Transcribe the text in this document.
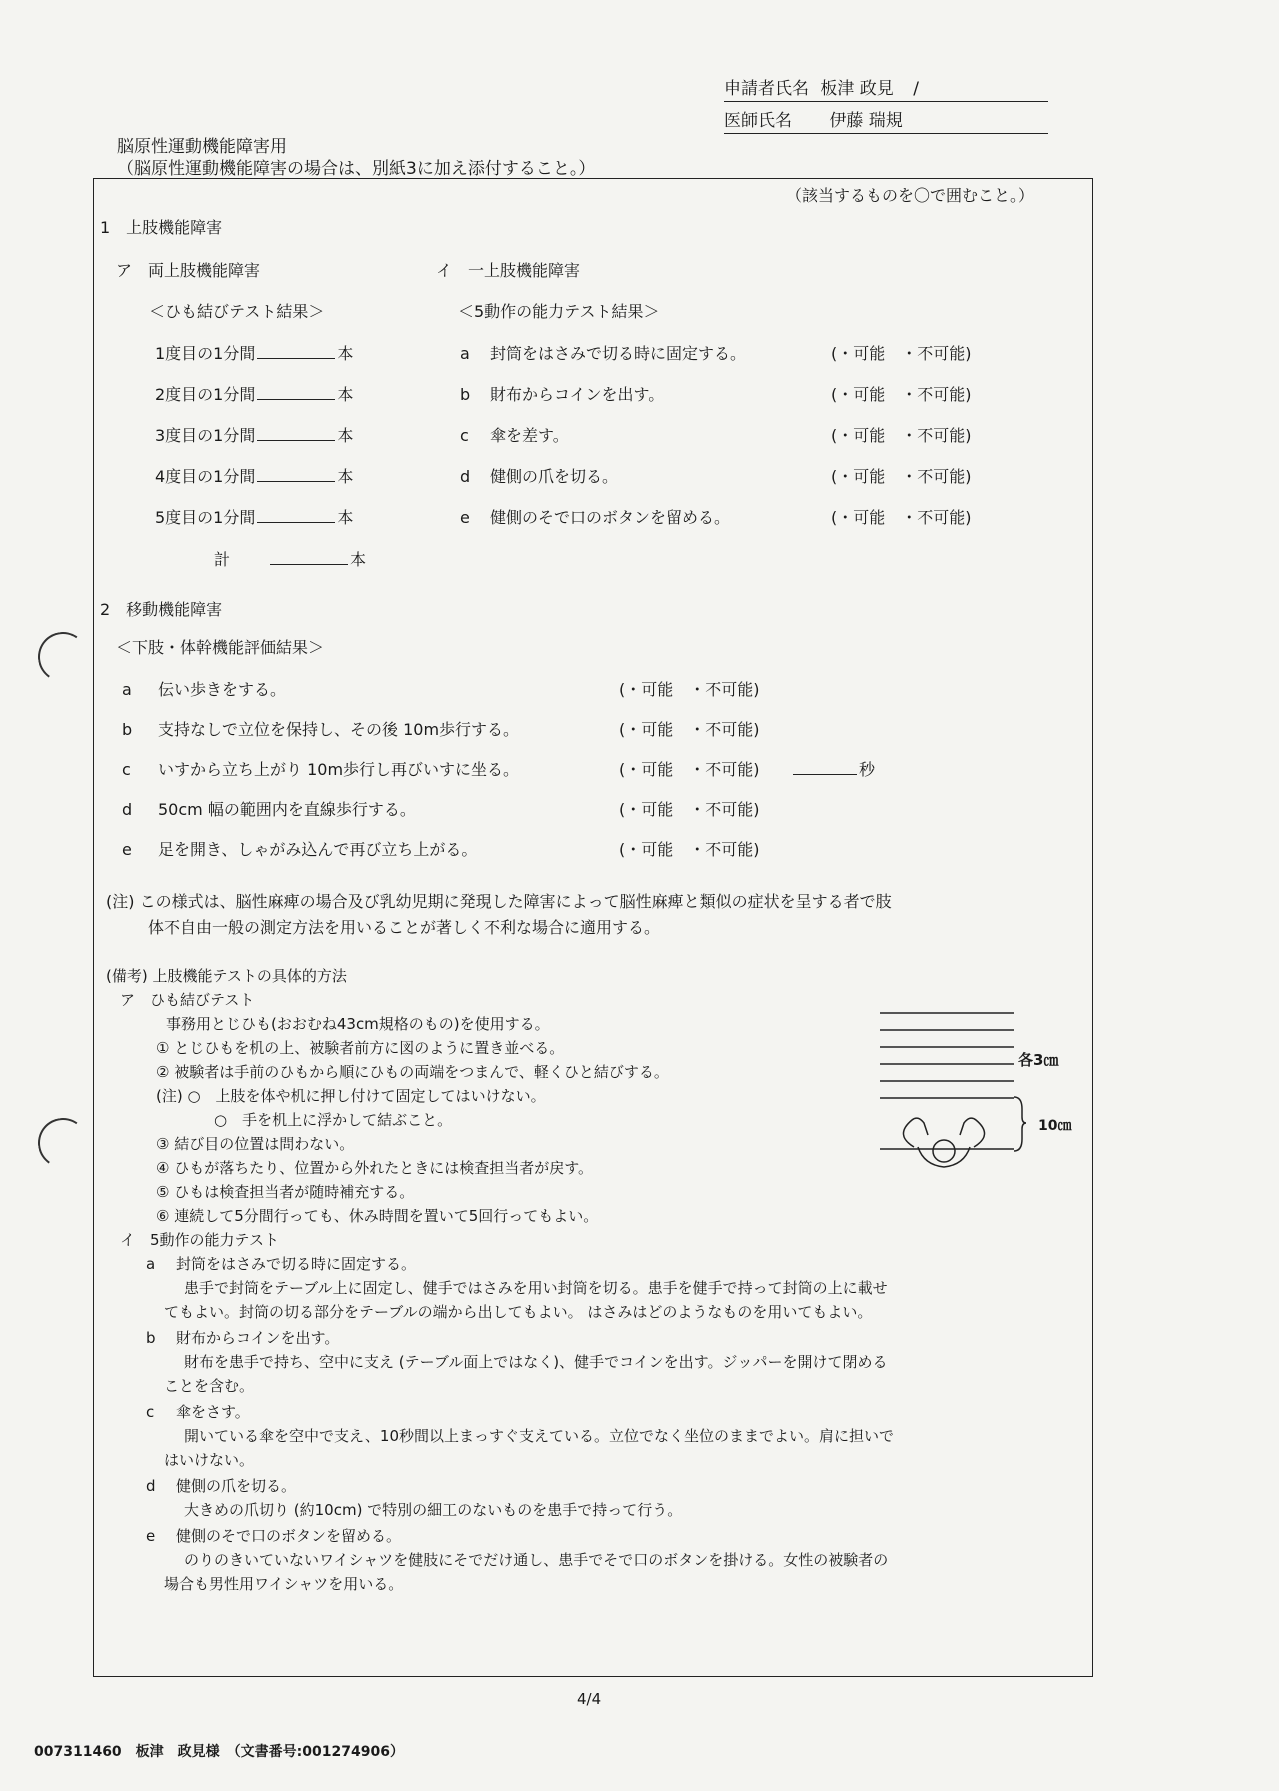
申請者氏名 板津 政見 /
医師氏名 伊藤 瑞規
脳原性運動機能障害用
（脳原性運動機能障害の場合は、別紙3に加え添付すること。）
（該当するものを〇で囲むこと。）
1　上肢機能障害
ア　両上肢機能障害	イ　一上肢機能障害
＜ひも結びテスト結果＞	＜5動作の能力テスト結果＞
1度目の1分間	本
2度目の1分間	本
3度目の1分間	本
4度目の1分間	本
5度目の1分間	本
計	本
a 封筒をはさみで切る時に固定する。	(・可能　・不可能)
b 財布からコインを出す。	(・可能　・不可能)
c 傘を差す。	(・可能　・不可能)
d 健側の爪を切る。	(・可能　・不可能)
e 健側のそで口のボタンを留める。	(・可能　・不可能)
2　移動機能障害
＜下肢・体幹機能評価結果＞
a 伝い歩きをする。	(・可能　・不可能)
b 支持なしで立位を保持し、その後 10m歩行する。	(・可能　・不可能)
c いすから立ち上がり 10m歩行し再びいすに坐る。	(・可能　・不可能)	秒
d 50cm 幅の範囲内を直線歩行する。	(・可能　・不可能)
e 足を開き、しゃがみ込んで再び立ち上がる。	(・可能　・不可能)
(注) この様式は、脳性麻痺の場合及び乳幼児期に発現した障害によって脳性麻痺と類似の症状を呈する者で肢
体不自由一般の測定方法を用いることが著しく不利な場合に適用する。
(備考) 上肢機能テストの具体的方法
ア　ひも結びテスト
事務用とじひも(おおむね43cm規格のもの)を使用する。
① とじひもを机の上、被験者前方に図のように置き並べる。
② 被験者は手前のひもから順にひもの両端をつまんで、軽くひと結びする。
(注) ○　上肢を体や机に押し付けて固定してはいけない。
○　手を机上に浮かして結ぶこと。
③ 結び目の位置は問わない。
④ ひもが落ちたり、位置から外れたときには検査担当者が戻す。
⑤ ひもは検査担当者が随時補充する。
⑥ 連続して5分間行っても、休み時間を置いて5回行ってもよい。
各3㎝
10㎝
イ　5動作の能力テスト
a 封筒をはさみで切る時に固定する。
患手で封筒をテーブル上に固定し、健手ではさみを用い封筒を切る。患手を健手で持って封筒の上に載せ
てもよい。封筒の切る部分をテーブルの端から出してもよい。 はさみはどのようなものを用いてもよい。
b 財布からコインを出す。
財布を患手で持ち、空中に支え (テーブル面上ではなく)、健手でコインを出す。ジッパーを開けて閉める
ことを含む。
c 傘をさす。
開いている傘を空中で支え、10秒間以上まっすぐ支えている。立位でなく坐位のままでよい。肩に担いで
はいけない。
d 健側の爪を切る。
大きめの爪切り (約10cm) で特別の細工のないものを患手で持って行う。
e 健側のそで口のボタンを留める。
のりのきいていないワイシャツを健肢にそでだけ通し、患手でそで口のボタンを掛ける。女性の被験者の
場合も男性用ワイシャツを用いる。
4/4
007311460　板津　政見様　（文書番号:001274906）
